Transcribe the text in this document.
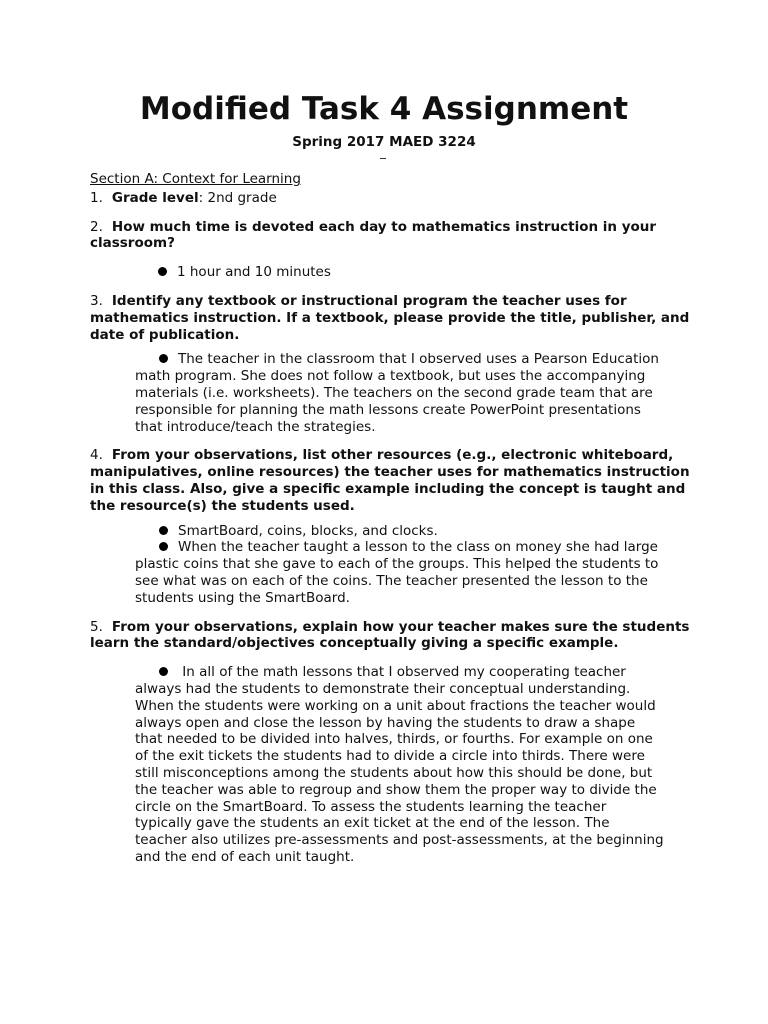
Modified Task 4 Assignment
Spring 2017 MAED 3224
Section A: Context for Learning
1. Grade level: 2nd grade
2. How much time is devoted each day to mathematics instruction in your classroom?
1 hour and 10 minutes
3. Identify any textbook or instructional program the teacher uses for mathematics instruction. If a textbook, please provide the title, publisher, and date of publication.

The teacher in the classroom that I observed uses a Pearson Education

math program. She does not follow a textbook, but uses the accompanying

materials (i.e. worksheets). The teachers on the second grade team that are

responsible for planning the math lessons create PowerPoint presentations

that introduce/teach the strategies.

4. From your observations, list other resources (e.g., electronic whiteboard, manipulatives, online resources) the teacher uses for mathematics instruction in this class. Also, give a specific example including the concept is taught and the resource(s) the students used.

SmartBoard, coins, blocks, and clocks.

When the teacher taught a lesson to the class on money she had large

plastic coins that she gave to each of the groups. This helped the students to

see what was on each of the coins. The teacher presented the lesson to the

students using the SmartBoard.

5. From your observations, explain how your teacher makes sure the students learn the standard/objectives conceptually giving a specific example.

In all of the math lessons that I observed my cooperating teacher

always had the students to demonstrate their conceptual understanding.

When the students were working on a unit about fractions the teacher would

always open and close the lesson by having the students to draw a shape

that needed to be divided into halves, thirds, or fourths. For example on one

of the exit tickets the students had to divide a circle into thirds. There were

still misconceptions among the students about how this should be done, but

the teacher was able to regroup and show them the proper way to divide the

circle on the SmartBoard. To assess the students learning the teacher

typically gave the students an exit ticket at the end of the lesson. The

teacher also utilizes pre-assessments and post-assessments, at the beginning

and the end of each unit taught.
